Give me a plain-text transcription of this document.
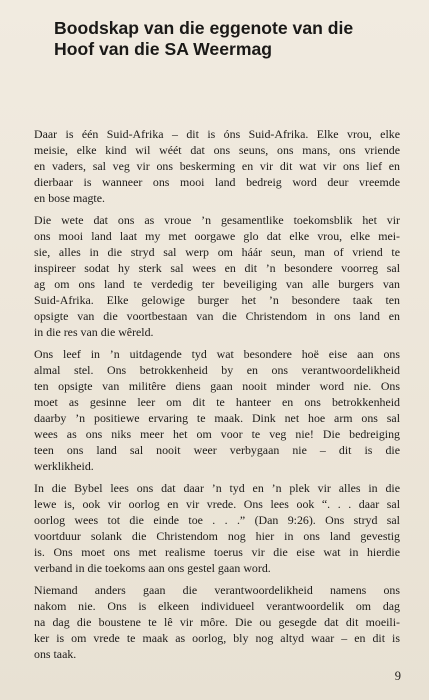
Boodskap van die eggenote van die
Hoof van die SA Weermag
Daar is één Suid-Afrika – dit is óns Suid-Afrika. Elke vrou, elke
meisie, elke kind wil wéét dat ons seuns, ons mans, ons vriende
en vaders, sal veg vir ons beskerming en vir dit wat vir ons lief en
dierbaar is wanneer ons mooi land bedreig word deur vreemde
en bose magte.
Die wete dat ons as vroue ’n gesamentlike toekomsblik het vir
ons mooi land laat my met oorgawe glo dat elke vrou, elke mei-
sie, alles in die stryd sal werp om háár seun, man of vriend te
inspireer sodat hy sterk sal wees en dit ’n besondere voorreg sal
ag om ons land te verdedig ter beveiliging van alle burgers van
Suid-Afrika. Elke gelowige burger het ’n besondere taak ten
opsigte van die voortbestaan van die Christendom in ons land en
in die res van die wêreld.
Ons leef in ’n uitdagende tyd wat besondere hoë eise aan ons
almal stel. Ons betrokkenheid by en ons verantwoordelikheid
ten opsigte van militêre diens gaan nooit minder word nie. Ons
moet as gesinne leer om dit te hanteer en ons betrokkenheid
daarby ’n positiewe ervaring te maak. Dink net hoe arm ons sal
wees as ons niks meer het om voor te veg nie! Die bedreiging
teen ons land sal nooit weer verbygaan nie – dit is die
werklikheid.
In die Bybel lees ons dat daar ’n tyd en ’n plek vir alles in die
lewe is, ook vir oorlog en vir vrede. Ons lees ook “. . . daar sal
oorlog wees tot die einde toe . . .” (Dan 9:26). Ons stryd sal
voortduur solank die Christendom nog hier in ons land gevestig
is. Ons moet ons met realisme toerus vir die eise wat in hierdie
verband in die toekoms aan ons gestel gaan word.
Niemand anders gaan die verantwoordelikheid namens ons
nakom nie. Ons is elkeen individueel verantwoordelik om dag
na dag die boustene te lê vir môre. Die ou gesegde dat dit moeili-
ker is om vrede te maak as oorlog, bly nog altyd waar – en dit is
ons taak.
9
